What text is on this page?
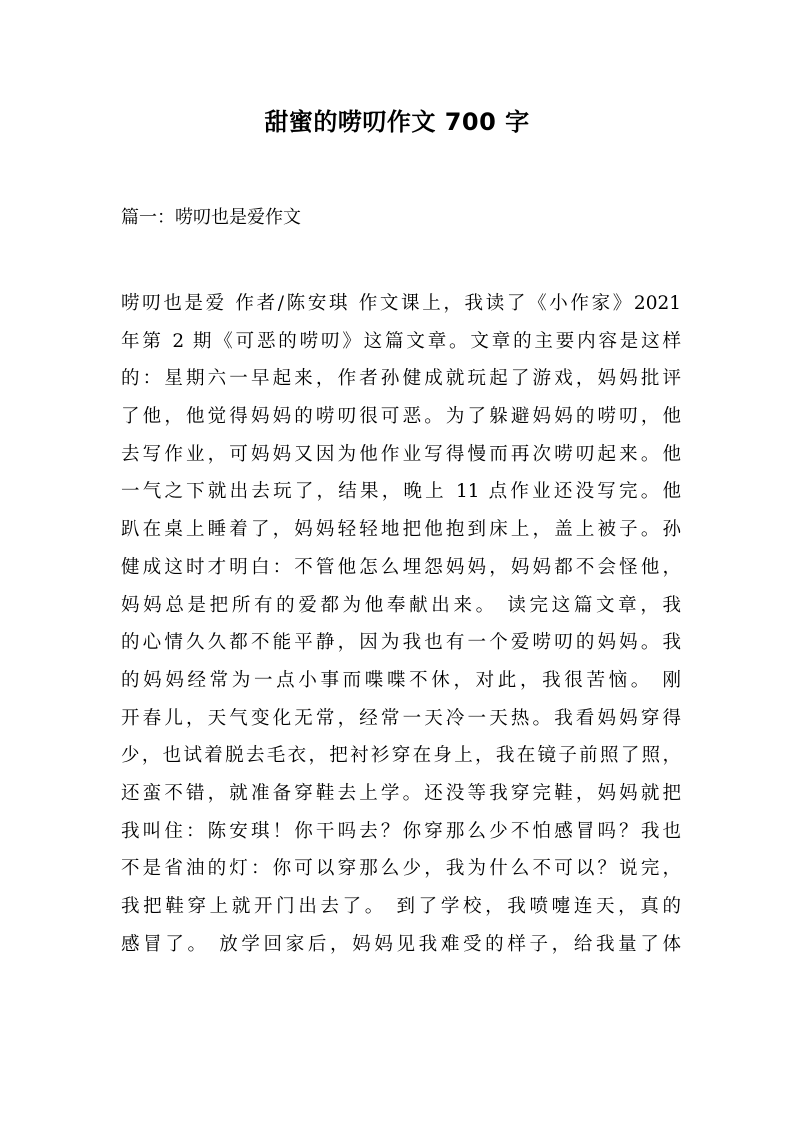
甜蜜的唠叨作文 700 字
篇一：唠叨也是爱作文
唠叨也是爱 作者/陈安琪 作文课上，我读了《小作家》2021
年第 2 期《可恶的唠叨》这篇文章。文章的主要内容是这样
的：星期六一早起来，作者孙健成就玩起了游戏，妈妈批评
了他，他觉得妈妈的唠叨很可恶。为了躲避妈妈的唠叨，他
去写作业，可妈妈又因为他作业写得慢而再次唠叨起来。他
一气之下就出去玩了，结果，晚上 11 点作业还没写完。他
趴在桌上睡着了，妈妈轻轻地把他抱到床上，盖上被子。孙
健成这时才明白：不管他怎么埋怨妈妈，妈妈都不会怪他，
妈妈总是把所有的爱都为他奉献出来。 读完这篇文章，我
的心情久久都不能平静，因为我也有一个爱唠叨的妈妈。我
的妈妈经常为一点小事而喋喋不休，对此，我很苦恼。 刚
开春儿，天气变化无常，经常一天冷一天热。我看妈妈穿得
少，也试着脱去毛衣，把衬衫穿在身上，我在镜子前照了照，
还蛮不错，就准备穿鞋去上学。还没等我穿完鞋，妈妈就把
我叫住：陈安琪！你干吗去？你穿那么少不怕感冒吗？我也
不是省油的灯：你可以穿那么少，我为什么不可以？说完，
我把鞋穿上就开门出去了。 到了学校，我喷嚏连天，真的
感冒了。 放学回家后，妈妈见我难受的样子，给我量了体
